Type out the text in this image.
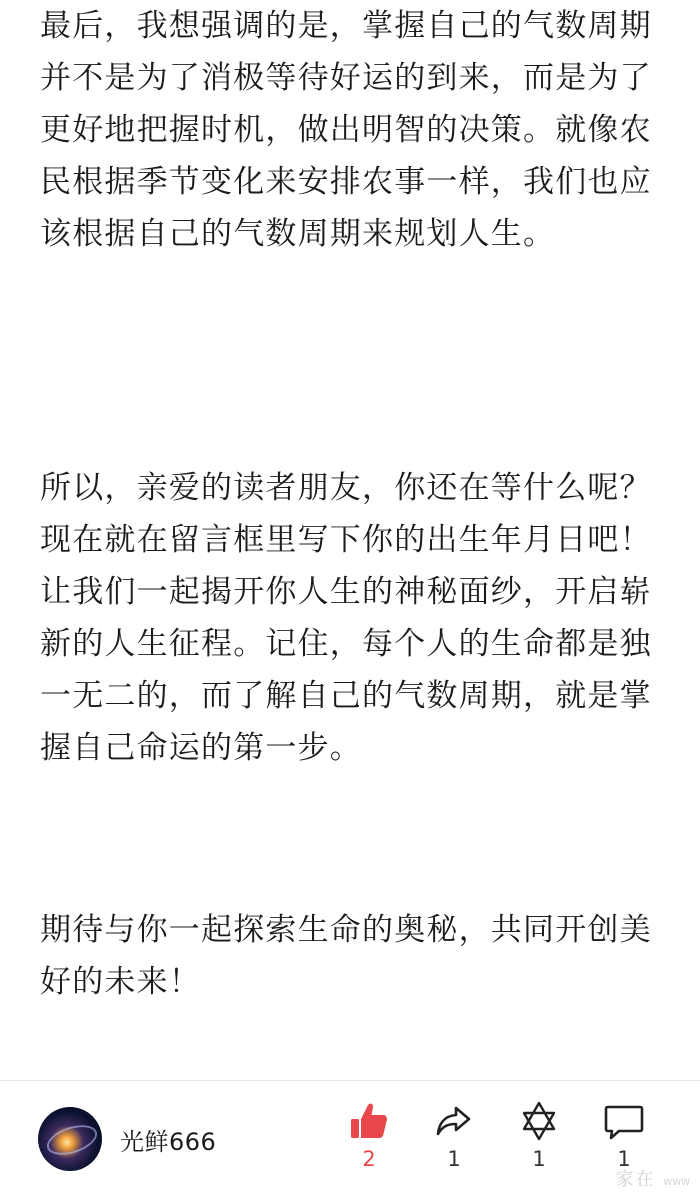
最后，我想强调的是，掌握自己的气数周期并不是为了消极等待好运的到来，而是为了更好地把握时机，做出明智的决策。就像农民根据季节变化来安排农事一样，我们也应该根据自己的气数周期来规划人生。

所以，亲爱的读者朋友，你还在等什么呢？现在就在留言框里写下你的出生年月日吧！让我们一起揭开你人生的神秘面纱，开启崭新的人生征程。记住，每个人的生命都是独一无二的，而了解自己的气数周期，就是掌握自己命运的第一步。

期待与你一起探索生命的奥秘，共同开创美好的未来！

光鲜666
2	1	1	1
家在 WWW
